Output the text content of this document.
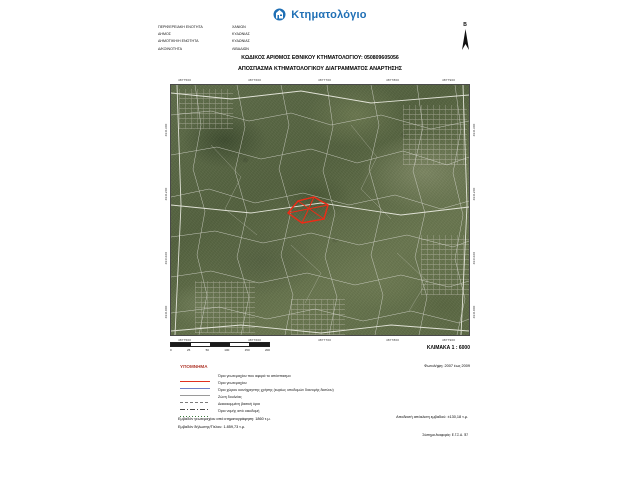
Κτηματολόγιο
ΠΕΡΙΦΕΡΕΙΑΚΗ ΕΝΟΤΗΤΑ	ΧΑΝΙΩΝ
ΔΗΜΟΣ	ΚΥΔΩΝΙΑΣ
ΔΗΜΟΤΙΚΗ/Η ΕΝΟΤΗΤΑ	ΚΥΔΩΝΙΑΣ
Δ/ΚΟΙΝΟΤΗΤΑ	ΛΙΒΑΔΙΩΝ
Β
ΚΩΔΙΚΟΣ ΑΡΙΘΜΟΣ ΕΘΝΙΚΟΥ ΚΤΗΜΑΤΟΛΟΓΙΟΥ: 050809605056
ΑΠΟΣΠΑΣΜΑ ΚΤΗΜΑΤΟΛΟΓΙΚΟΥ ΔΙΑΓΡΑΜΜΑΤΟΣ ΑΝΑΡΤΗΣΗΣ
4877500	4877600	4877700	4877800	4877900
4877500	4877600	4877700	4877800	4877900
4941300
4941200
4941100
4941000
4941300
4941200
4941100
4941000
0	25	50	100	150	200	ΚΛΙΜΑΚΑ 1 : 6000
Φωτολήψη: 2007 έως 2009
ΥΠΟΜΝΗΜΑ
Όριο γεωτεμαχίου που αφορά το απόσπασμα
Όριο γεωτεμαχίου
Όριο χώρου κοινόχρηστης χρήσης (κυρίως υποδομών διανομής δικτύου)
Ζώνη δουλείας
Διακεκομμένη βασική όρια
Όριο νομής από οικοδομή
Εμβαδόν γεωτεμαχίου από κτηματογράφηση: 1860 τ.μ.
Εμβαδόν δήλωσης/Τίτλου: 1.859,73 τ.μ.
Αποδεκτή απόκλιση εμβαδού: ±130,18 τ.μ.
Σύστημα Αναφοράς: Ε.Γ.Σ.Α. '87
